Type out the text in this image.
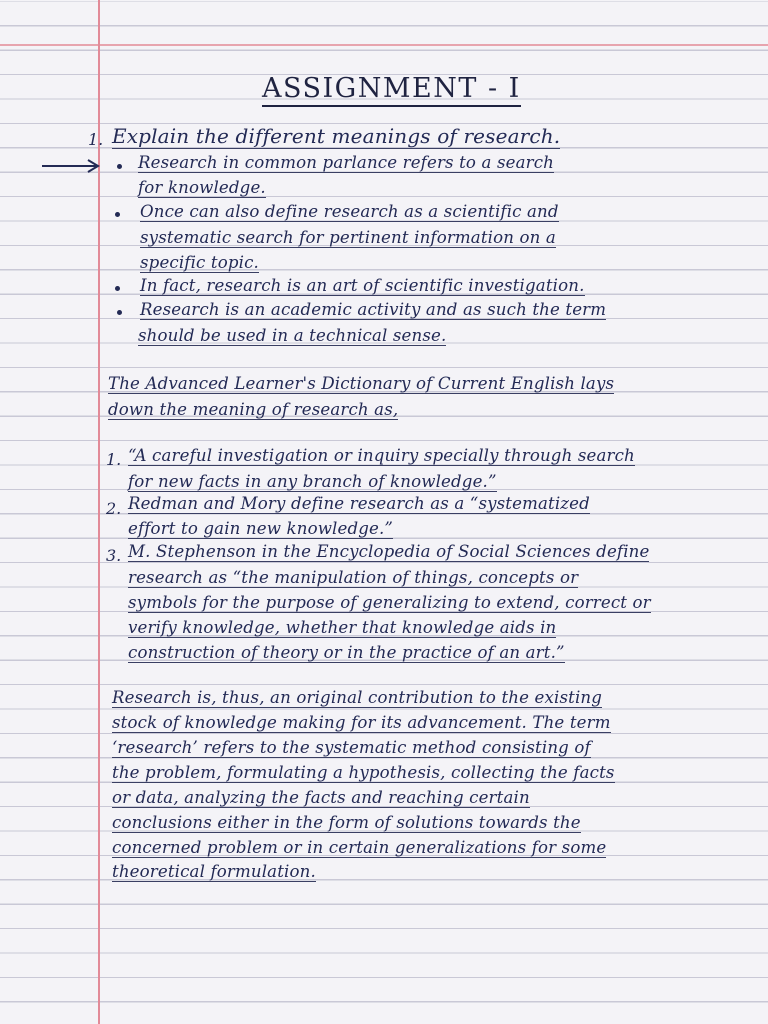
ASSIGNMENT - I
1. Explain the different meanings of research.
Research in common parlance refers to a search
for knowledge.
Once can also define research as a scientific and
systematic search for pertinent information on a
specific topic.
In fact, research is an art of scientific investigation.
Research is an academic activity and as such the term
should be used in a technical sense.
The Advanced Learner's Dictionary of Current English lays
down the meaning of research as,
1. “A careful investigation or inquiry specially through search
for new facts in any branch of knowledge.”
2. Redman and Mory define research as a “systematized
effort to gain new knowledge.”
3. M. Stephenson in the Encyclopedia of Social Sciences define
research as “the manipulation of things, concepts or
symbols for the purpose of generalizing to extend, correct or
verify knowledge, whether that knowledge aids in
construction of theory or in the practice of an art.”
Research is, thus, an original contribution to the existing
stock of knowledge making for its advancement. The term
‘research’ refers to the systematic method consisting of
the problem, formulating a hypothesis, collecting the facts
or data, analyzing the facts and reaching certain
conclusions either in the form of solutions towards the
concerned problem or in certain generalizations for some
theoretical formulation.
